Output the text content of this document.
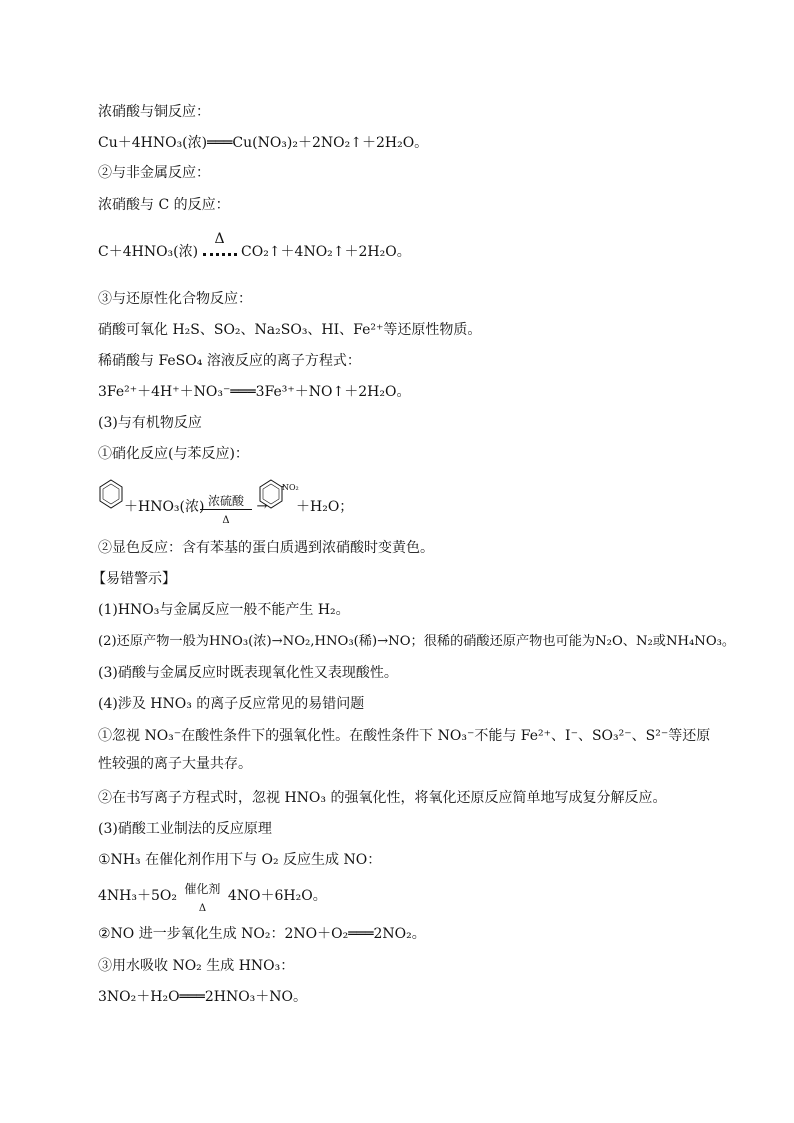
浓硝酸与铜反应：
Cu＋4HNO₃(浓)═══Cu(NO₃)₂＋2NO₂↑＋2H₂O。
②与非金属反应：
浓硝酸与 C 的反应：
C＋4HNO₃(浓)
Δ
CO₂↑＋4NO₂↑＋2H₂O。
③与还原性化合物反应：
硝酸可氧化 H₂S、SO₂、Na₂SO₃、HI、Fe²⁺等还原性物质。
稀硝酸与 FeSO₄ 溶液反应的离子方程式：
3Fe²⁺＋4H⁺＋NO₃⁻═══3Fe³⁺＋NO↑＋2H₂O。
(3)与有机物反应
①硝化反应(与苯反应)：
＋HNO₃(浓) 浓硫酸
Δ
→
NO₂
＋H₂O；
②显色反应：含有苯基的蛋白质遇到浓硝酸时变黄色。
【易错警示】
(1)HNO₃与金属反应一般不能产生 H₂。
(2)还原产物一般为HNO₃(浓)→NO₂,HNO₃(稀)→NO；很稀的硝酸还原产物也可能为N₂O、N₂或NH₄NO₃。
(3)硝酸与金属反应时既表现氧化性又表现酸性。
(4)涉及 HNO₃ 的离子反应常见的易错问题
①忽视 NO₃⁻在酸性条件下的强氧化性。在酸性条件下 NO₃⁻不能与 Fe²⁺、I⁻、SO₃²⁻、S²⁻等还原性较强的离子大量共存。
②在书写离子方程式时，忽视 HNO₃ 的强氧化性，将氧化还原反应简单地写成复分解反应。
(3)硝酸工业制法的反应原理
①NH₃ 在催化剂作用下与 O₂ 反应生成 NO：
4NH₃＋5O₂ 催化剂
Δ
4NO＋6H₂O。
②NO 进一步氧化生成 NO₂：2NO＋O₂═══2NO₂。
③用水吸收 NO₂ 生成 HNO₃：
3NO₂＋H₂O═══2HNO₃＋NO。
